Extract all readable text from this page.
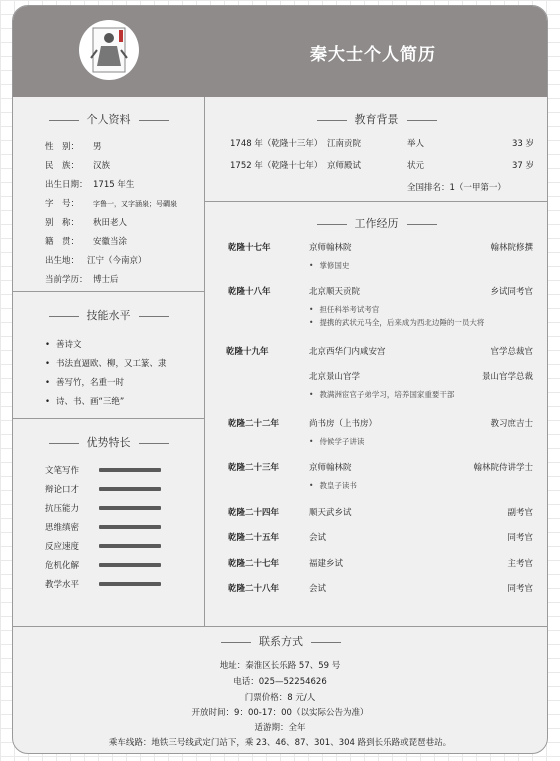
秦大士个人简历
个人资料
性　别： 男
民　族： 汉族
出生日期： 1715 年生
字　号： 字鲁一，又字涵泉；号磵泉
别　称： 秋田老人
籍　贯： 安徽当涂
出生地： 江宁（今南京）
当前学历： 博士后
技能水平
• 善诗文
• 书法直逼欧、柳，又工篆、隶
• 善写竹，名重一时
• 诗、书、画“三绝”
优势特长
文笔写作
辩论口才
抗压能力
思维缜密
反应速度
危机化解
教学水平
教育背景
1748 年（乾隆十三年） 江南贡院	举人	33 岁
1752 年（乾隆十七年） 京师殿试	状元	37 岁
全国排名：1（一甲第一）
工作经历
乾隆十七年	京师翰林院	翰林院修撰
• 掌修国史
乾隆十八年	北京顺天贡院	乡试同考官
• 担任科举考试考官
• 提携的武状元马全，后来成为西北边陲的一员大将
乾隆十九年	北京西华门内咸安宫	官学总裁官
北京景山官学	景山官学总裁
• 教满洲宦官子弟学习，培养国家重要干部
乾隆二十二年	尚书房（上书房）	教习庶吉士
• 侍候学子讲读
乾隆二十三年	京师翰林院	翰林院侍讲学士
• 教皇子读书
乾隆二十四年	顺天武乡试	副考官
乾隆二十五年	会试	同考官
乾隆二十七年	福建乡试	主考官
乾隆二十八年	会试	同考官
联系方式
地址：秦淮区长乐路 57、59 号
电话：025—52254626
门票价格：8 元/人
开放时间：9：00-17：00（以实际公告为准）
适游期：全年
乘车线路：地铁三号线武定门站下，乘 23、46、87、301、304 路到长乐路或琵琶巷站。
